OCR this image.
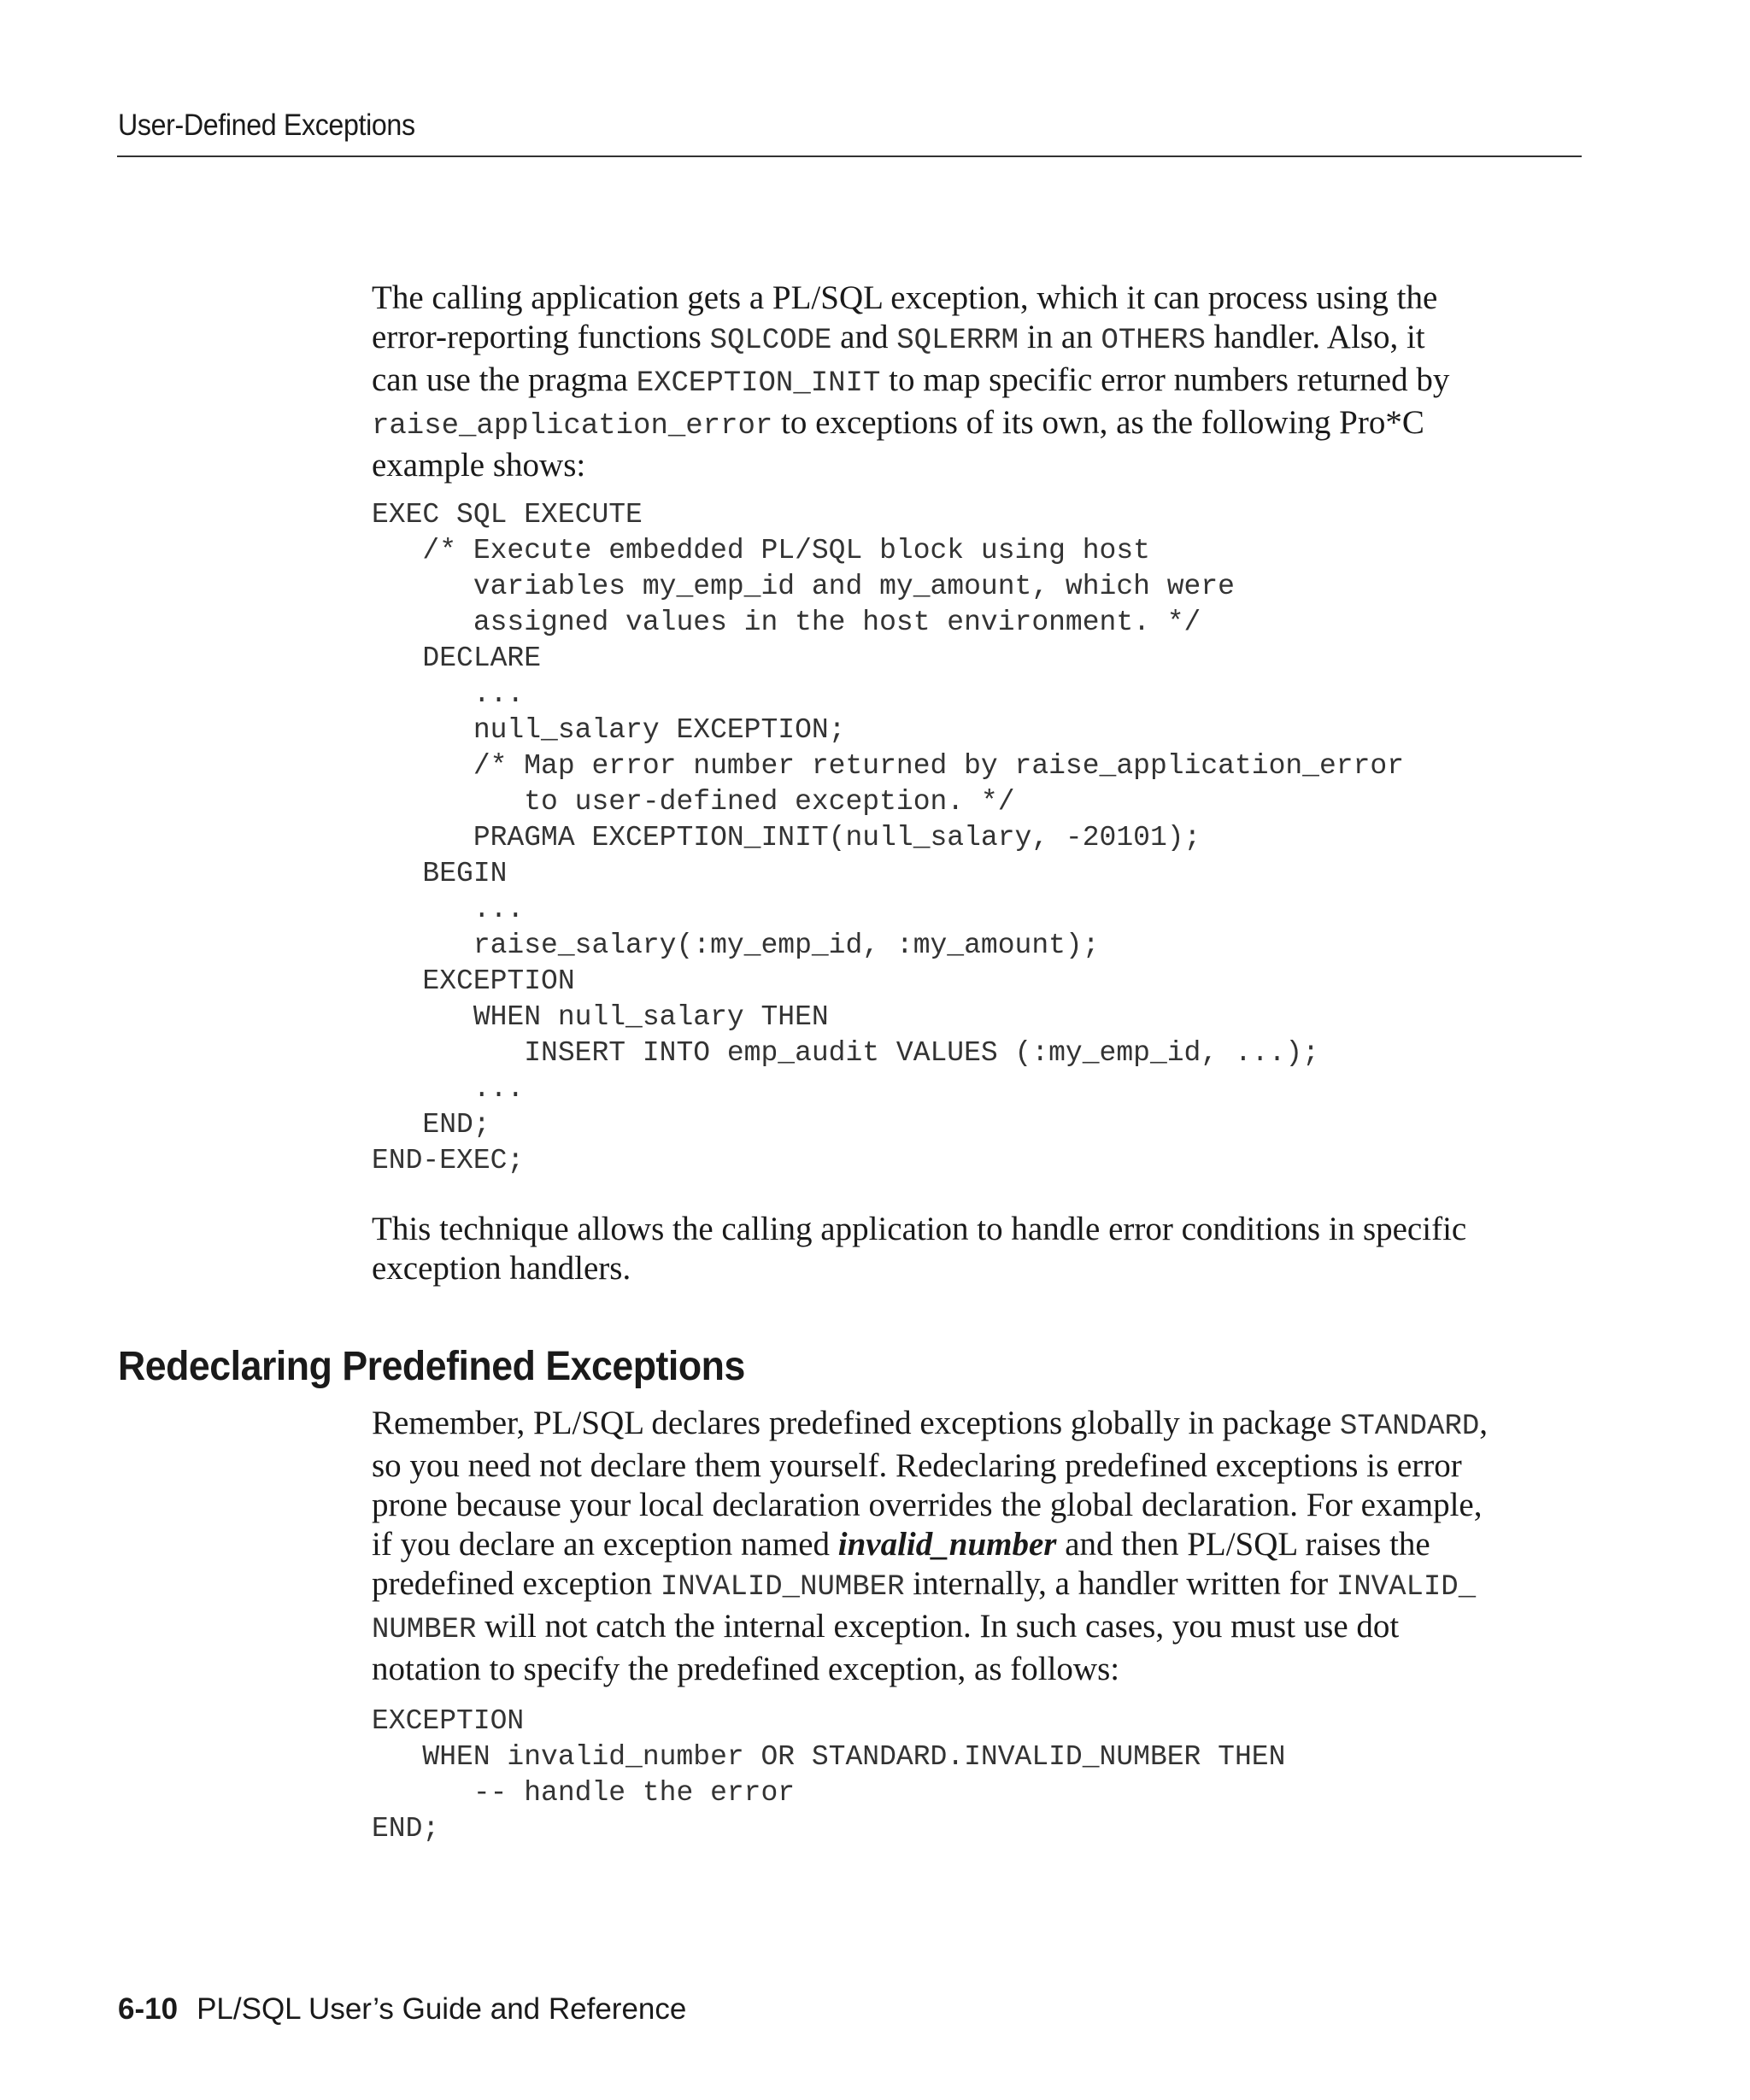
User-Defined Exceptions

The calling application gets a PL/SQL exception, which it can process using the
error-reporting functions SQLCODE and SQLERRM in an OTHERS handler. Also, it
can use the pragma EXCEPTION_INIT to map specific error numbers returned by
raise_application_error to exceptions of its own, as the following Pro*C
example shows:

EXEC SQL EXECUTE
/* Execute embedded PL/SQL block using host
variables my_emp_id and my_amount, which were
assigned values in the host environment. */
DECLARE
...
null_salary EXCEPTION;
/* Map error number returned by raise_application_error
to user-defined exception. */
PRAGMA EXCEPTION_INIT(null_salary, -20101);
BEGIN
...
raise_salary(:my_emp_id, :my_amount);
EXCEPTION
WHEN null_salary THEN
INSERT INTO emp_audit VALUES (:my_emp_id, ...);
...
END;
END-EXEC;

This technique allows the calling application to handle error conditions in specific
exception handlers.

Redeclaring Predefined Exceptions

Remember, PL/SQL declares predefined exceptions globally in package STANDARD,
so you need not declare them yourself. Redeclaring predefined exceptions is error
prone because your local declaration overrides the global declaration. For example,
if you declare an exception named invalid_number and then PL/SQL raises the
predefined exception INVALID_NUMBER internally, a handler written for INVALID_
NUMBER will not catch the internal exception. In such cases, you must use dot
notation to specify the predefined exception, as follows:

EXCEPTION
WHEN invalid_number OR STANDARD.INVALID_NUMBER THEN
-- handle the error
END;
6-10 PL/SQL User’s Guide and Reference
